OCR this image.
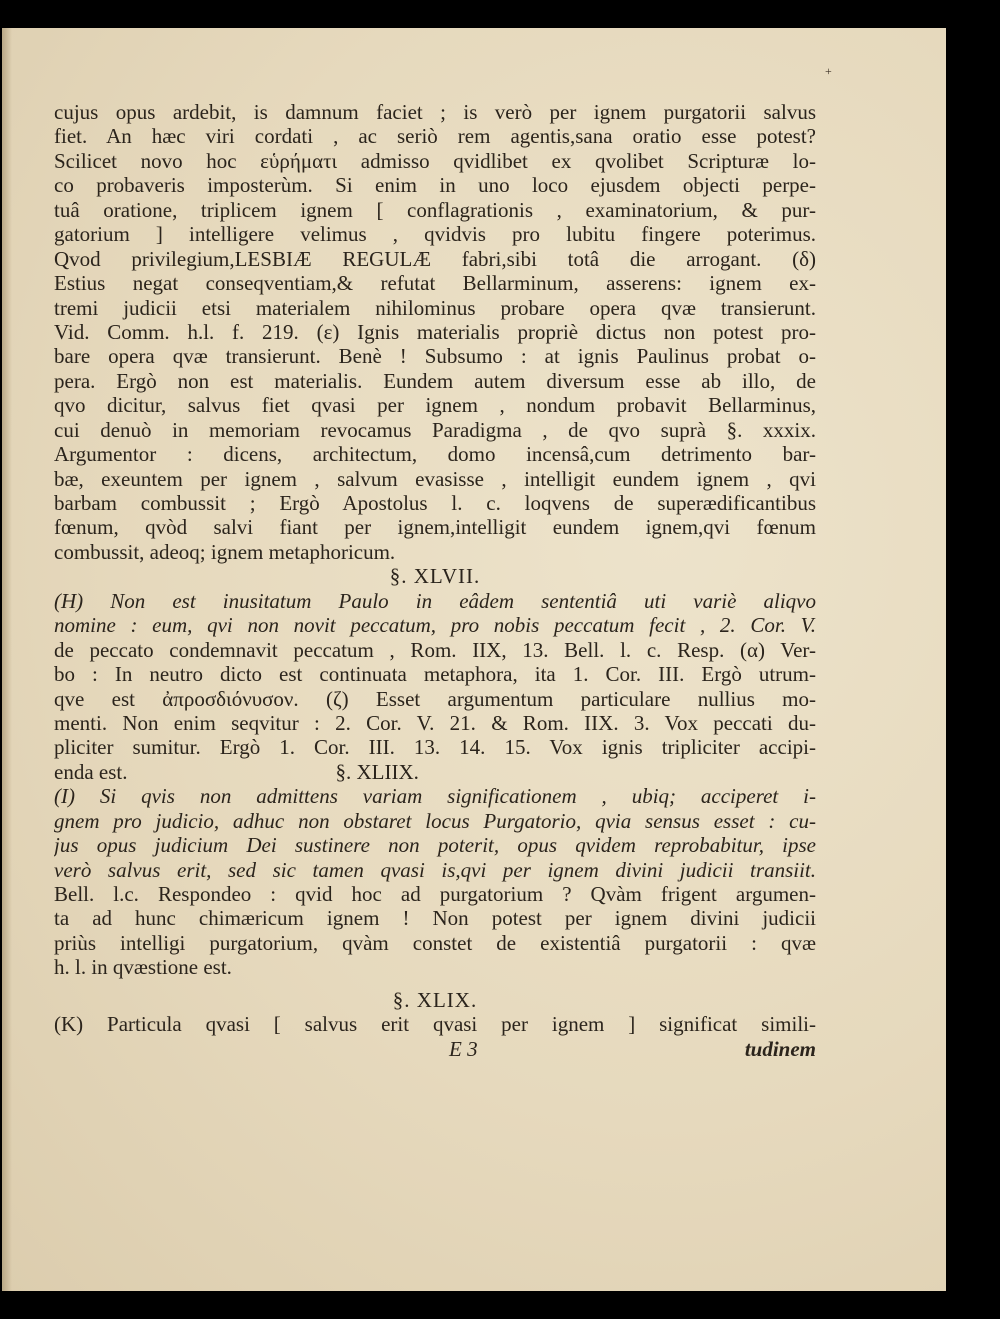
+
cujus opus ardebit, is damnum faciet ; is verò per ignem purgatorii salvus
fiet. An hæc viri cordati , ac seriò rem agentis,sana oratio esse potest?
Scilicet novo hoc εὑρήματι admisso qvidlibet ex qvolibet Scripturæ lo-
co probaveris imposterùm. Si enim in uno loco ejusdem objecti perpe-
tuâ oratione, triplicem ignem [ conflagrationis , examinatorium, & pur-
gatorium ] intelligere velimus , qvidvis pro lubitu fingere poterimus.
Qvod privilegium,LESBIÆ REGULÆ fabri,sibi totâ die arrogant. (δ)
Estius negat conseqventiam,& refutat Bellarminum, asserens: ignem ex-
tremi judicii etsi materialem nihilominus probare opera qvæ transierunt.
Vid. Comm. h.l. f. 219. (ε) Ignis materialis propriè dictus non potest pro-
bare opera qvæ transierunt. Benè ! Subsumo : at ignis Paulinus probat o-
pera. Ergò non est materialis. Eundem autem diversum esse ab illo, de
qvo dicitur, salvus fiet qvasi per ignem , nondum probavit Bellarminus,
cui denuò in memoriam revocamus Paradigma , de qvo suprà §. xxxix.
Argumentor : dicens, architectum, domo incensâ,cum detrimento bar-
bæ, exeuntem per ignem , salvum evasisse , intelligit eundem ignem , qvi
barbam combussit ; Ergò Apostolus l. c. loqvens de superædificantibus
fœnum, qvòd salvi fiant per ignem,intelligit eundem ignem,qvi fœnum
combussit, adeoq; ignem metaphoricum.
§. XLVII.
(H) Non est inusitatum Paulo in eâdem sententiâ uti variè aliqvo
nomine : eum, qvi non novit peccatum, pro nobis peccatum fecit , 2. Cor. V.
de peccato condemnavit peccatum , Rom. IIX, 13. Bell. l. c. Resp. (α) Ver-
bo : In neutro dicto est continuata metaphora, ita 1. Cor. III. Ergò utrum-
qve est ἀπροσδιόνυσον. (ζ) Esset argumentum particulare nullius mo-
menti. Non enim seqvitur : 2. Cor. V. 21. & Rom. IIX. 3. Vox peccati du-
pliciter sumitur. Ergò 1. Cor. III. 13. 14. 15. Vox ignis tripliciter accipi-
enda est.	§. XLIIX.
(I) Si qvis non admittens variam significationem , ubiq; acciperet i-
gnem pro judicio, adhuc non obstaret locus Purgatorio, qvia sensus esset : cu-
jus opus judicium Dei sustinere non poterit, opus qvidem reprobabitur, ipse
verò salvus erit, sed sic tamen qvasi is,qvi per ignem divini judicii transiit.
Bell. l.c. Respondeo : qvid hoc ad purgatorium ? Qvàm frigent argumen-
ta ad hunc chimæricum ignem ! Non potest per ignem divini judicii
priùs intelligi purgatorium, qvàm constet de existentiâ purgatorii : qvæ
h. l. in qvæstione est.
§. XLIX.
(K) Particula qvasi [ salvus erit qvasi per ignem ] significat simili-
E 3	tudinem
